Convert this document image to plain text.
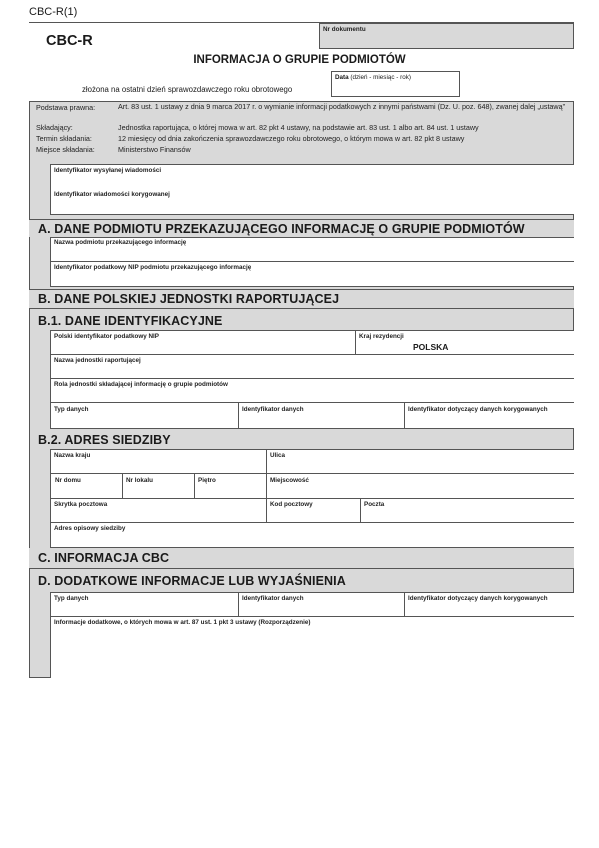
CBC-R(1)
Nr dokumentu
CBC-R
INFORMACJA O GRUPIE PODMIOTÓW
Data (dzień - miesiąc - rok)
złożona na ostatni dzień sprawozdawczego roku obrotowego
Podstawa prawna:	Art. 83 ust. 1 ustawy z dnia 9 marca 2017 r. o wymianie informacji podatkowych z innymi państwami (Dz. U. poz. 648), zwanej dalej „ustawą”
Składający:	Jednostka raportująca, o której mowa w art. 82 pkt 4 ustawy, na podstawie art. 83 ust. 1 albo art. 84 ust. 1 ustawy
Termin składania:	12 miesięcy od dnia zakończenia sprawozdawczego roku obrotowego, o którym mowa w art. 82 pkt 8 ustawy
Miejsce składania:	Ministerstwo Finansów
Identyfikator wysyłanej wiadomości
Identyfikator wiadomości korygowanej
A. DANE PODMIOTU PRZEKAZUJĄCEGO INFORMACJĘ O GRUPIE PODMIOTÓW
Nazwa podmiotu przekazującego informację
Identyfikator podatkowy NIP podmiotu przekazującego informację
B. DANE POLSKIEJ JEDNOSTKI RAPORTUJĄCEJ
B.1. DANE IDENTYFIKACYJNE
Polski identyfikator podatkowy NIP	Kraj rezydencji
POLSKA
Nazwa jednostki raportującej
Rola jednostki składającej informację o grupie podmiotów
Typ danych	Identyfikator danych	Identyfikator dotyczący danych korygowanych
B.2. ADRES SIEDZIBY
Nazwa kraju	Ulica
Nr domu	Nr lokalu	Piętro	Miejscowość
Skrytka pocztowa	Kod pocztowy	Poczta
Adres opisowy siedziby
C. INFORMACJA CBC
D. DODATKOWE INFORMACJE LUB WYJAŚNIENIA
Typ danych	Identyfikator danych	Identyfikator dotyczący danych korygowanych
Informacje dodatkowe, o których mowa w art. 87 ust. 1 pkt 3 ustawy (Rozporządzenie)
